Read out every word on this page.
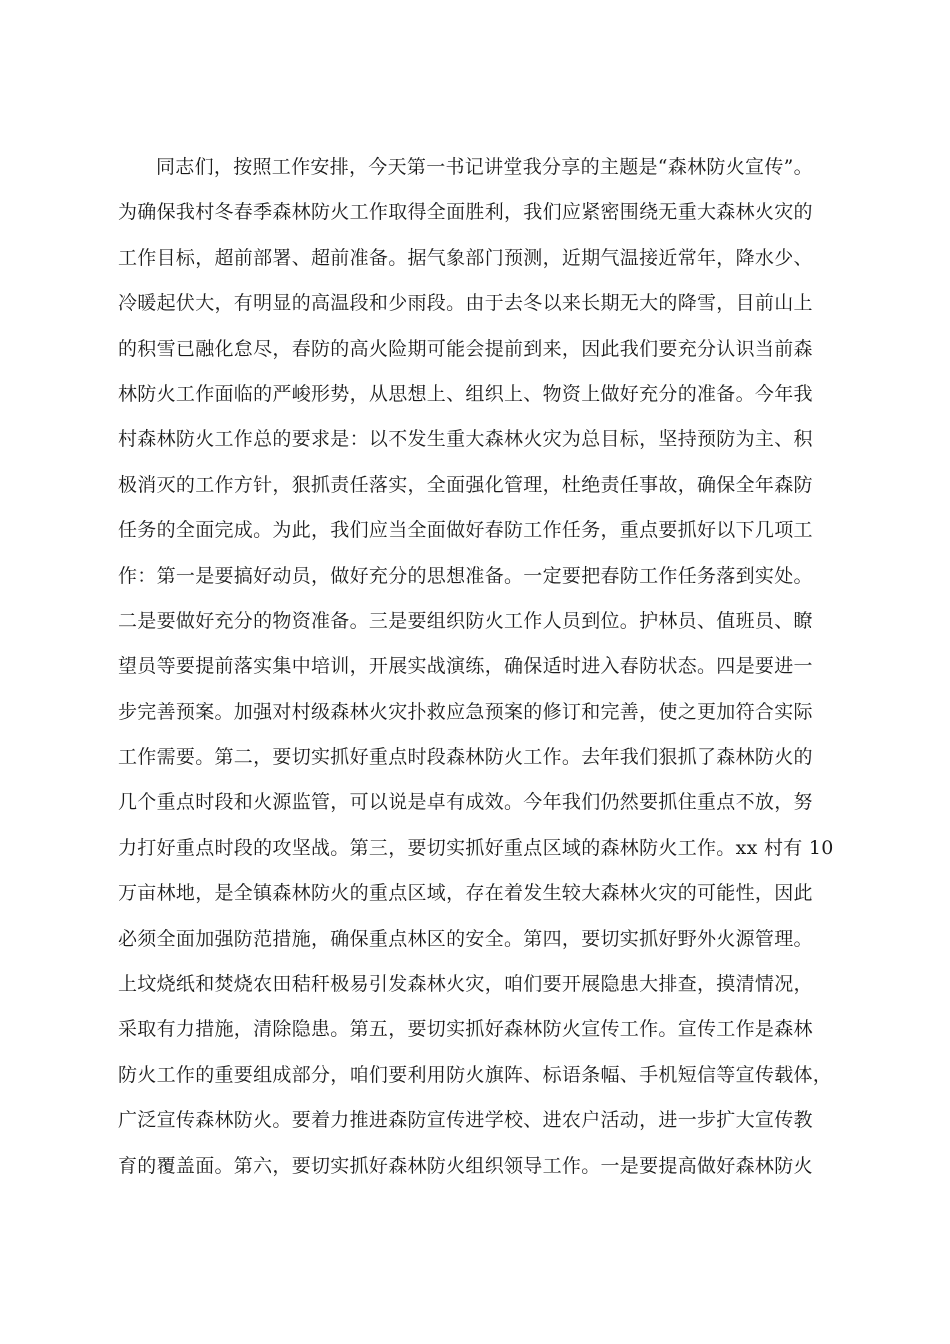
同志们，按照工作安排，今天第一书记讲堂我分享的主题是“森林防火宣传”。
为确保我村冬春季森林防火工作取得全面胜利，我们应紧密围绕无重大森林火灾的
工作目标，超前部署、超前准备。据气象部门预测，近期气温接近常年，降水少、
冷暖起伏大，有明显的高温段和少雨段。由于去冬以来长期无大的降雪，目前山上
的积雪已融化怠尽，春防的高火险期可能会提前到来，因此我们要充分认识当前森
林防火工作面临的严峻形势，从思想上、组织上、物资上做好充分的准备。今年我
村森林防火工作总的要求是：以不发生重大森林火灾为总目标，坚持预防为主、积
极消灭的工作方针，狠抓责任落实，全面强化管理，杜绝责任事故，确保全年森防
任务的全面完成。为此，我们应当全面做好春防工作任务，重点要抓好以下几项工
作：第一是要搞好动员，做好充分的思想准备。一定要把春防工作任务落到实处。
二是要做好充分的物资准备。三是要组织防火工作人员到位。护林员、值班员、瞭
望员等要提前落实集中培训，开展实战演练，确保适时进入春防状态。四是要进一
步完善预案。加强对村级森林火灾扑救应急预案的修订和完善，使之更加符合实际
工作需要。第二，要切实抓好重点时段森林防火工作。去年我们狠抓了森林防火的
几个重点时段和火源监管，可以说是卓有成效。今年我们仍然要抓住重点不放，努
力打好重点时段的攻坚战。第三，要切实抓好重点区域的森林防火工作。xx 村有 10
万亩林地，是全镇森林防火的重点区域，存在着发生较大森林火灾的可能性，因此
必须全面加强防范措施，确保重点林区的安全。第四，要切实抓好野外火源管理。
上坟烧纸和焚烧农田秸秆极易引发森林火灾，咱们要开展隐患大排查，摸清情况，
采取有力措施，清除隐患。第五，要切实抓好森林防火宣传工作。宣传工作是森林
防火工作的重要组成部分，咱们要利用防火旗阵、标语条幅、手机短信等宣传载体，
广泛宣传森林防火。要着力推进森防宣传进学校、进农户活动，进一步扩大宣传教
育的覆盖面。第六，要切实抓好森林防火组织领导工作。一是要提高做好森林防火
